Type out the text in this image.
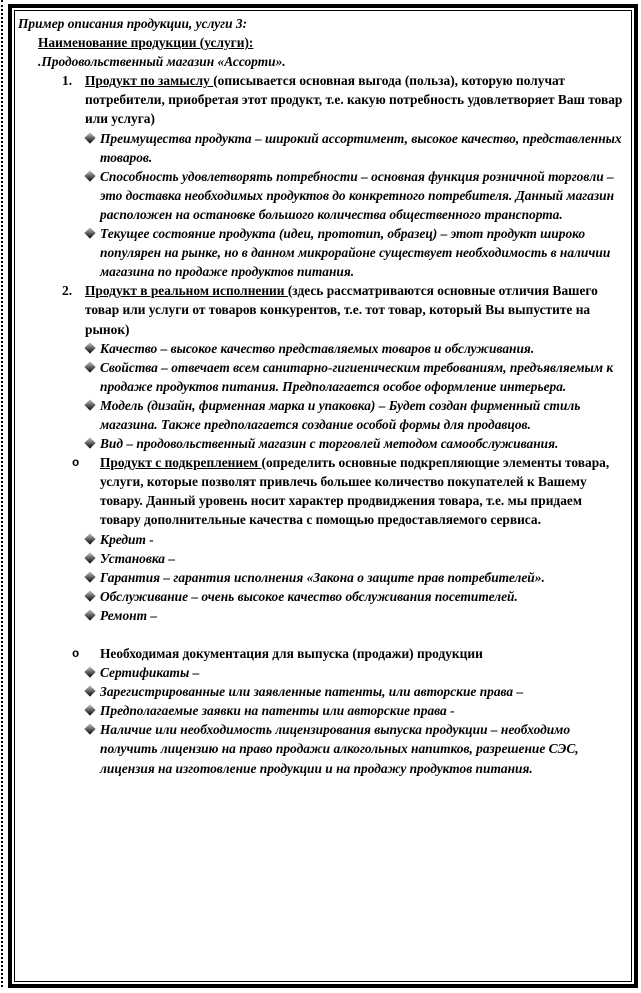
Пример описания продукции, услуги 3:

Наименование продукции (услуги):

.Продовольственный магазин «Ассорти».

1. Продукт по замыслу (описывается основная выгода (польза), которую получат потребители, приобретая этот продукт, т.е. какую потребность удовлетворяет Ваш товар или услуга)

Преимущества продукта – широкий ассортимент, высокое качество, представленных товаров.

Способность удовлетворять потребности – основная функция розничной торговли – это доставка необходимых продуктов до конкретного потребителя. Данный магазин расположен на остановке большого количества общественного транспорта.

Текущее состояние продукта (идеи, прототип, образец) – этот продукт широко популярен на рынке, но в данном микрорайоне существует необходимость в наличии магазина по продаже продуктов питания.

2. Продукт в реальном исполнении (здесь рассматриваются основные отличия Вашего товар или услуги от товаров конкурентов, т.е. тот товар, который Вы выпустите на рынок)

Качество – высокое качество представляемых товаров и обслуживания.

Свойства – отвечает всем санитарно-гигиеническим требованиям, предъявляемым к продаже продуктов питания. Предполагается особое оформление интерьера.

Модель (дизайн, фирменная марка и упаковка) – Будет создан фирменный стиль магазина. Также предполагается создание особой формы для продавцов.

Вид – продовольственный магазин с торговлей методом самообслуживания.

o Продукт с подкреплением (определить основные подкрепляющие элементы товара, услуги, которые позволят привлечь большее количество покупателей к Вашему товару. Данный уровень носит характер продвиджения товара, т.е. мы придаем товару дополнительные качества с помощью предоставляемого сервиса.

Кредит -

Установка –

Гарантия – гарантия исполнения «Закона о защите прав потребителей».

Обслуживание – очень высокое качество обслуживания посетителей.

Ремонт –

o Необходимая документация для выпуска (продажи) продукции

Сертификаты –

Зарегистрированные или заявленные патенты, или авторские права –

Предполагаемые заявки на патенты или авторские права -

Наличие или необходимость лицензирования выпуска продукции – необходимо получить лицензию на право продажи алкогольных напитков, разрешение СЭС, лицензия на изготовление продукции и на продажу продуктов питания.
